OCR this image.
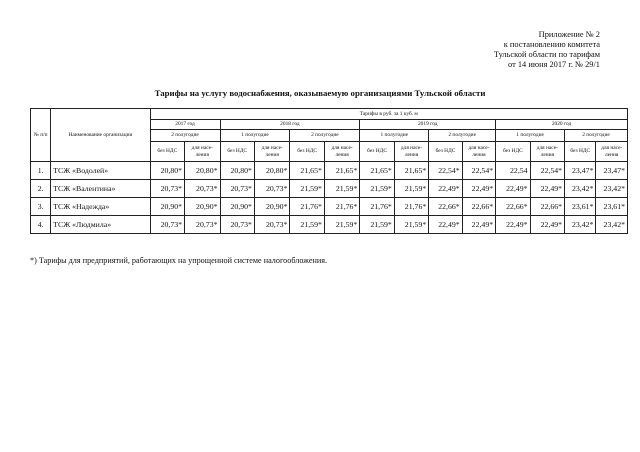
Приложение № 2
к постановлению комитета
Тульской области по тарифам
от 14 июня 2017 г. № 29/1
Тарифы на услугу водоснабжения, оказываемую организациями Тульской области
№ п/п	Наименование организации	Тарифы в руб. за 1 куб. м													
		2017 год		2018 год				2019 год				2020 год			
		2 полугодие		1 полугодие		2 полугодие		1 полугодие		2 полугодие		1 полугодие		2 полугодие	
		без НДС	для насе-ления	без НДС	для насе-ления	без НДС	для насе-ления	без НДС	для насе-ления	без НДС	для насе-ления	без НДС	для насе-ления	без НДС	для насе-ления
1.	ТСЖ «Водолей»	20,80*	20,80*	20,80*	20,80*	21,65*	21,65*	21,65*	21,65*	22,54*	22,54*	22,54	22,54*	23,47*	23,47*
2.	ТСЖ «Валентина»	20,73*	20,73*	20,73*	20,73*	21,59*	21,59*	21,59*	21,59*	22,49*	22,49*	22,49*	22,49*	23,42*	23,42*
3.	ТСЖ «Надежда»	20,90*	20,90*	20,90*	20,90*	21,76*	21,76*	21,76*	21,76*	22,66*	22,66*	22,66*	22,66*	23,61*	23,61*
4.	ТСЖ «Людмила»	20,73*	20,73*	20,73*	20,73*	21,59*	21,59*	21,59*	21,59*	22,49*	22,49*	22,49*	22,49*	23,42*	23,42*
*) Тарифы для предприятий, работающих на упрощенной системе налогообложения.
